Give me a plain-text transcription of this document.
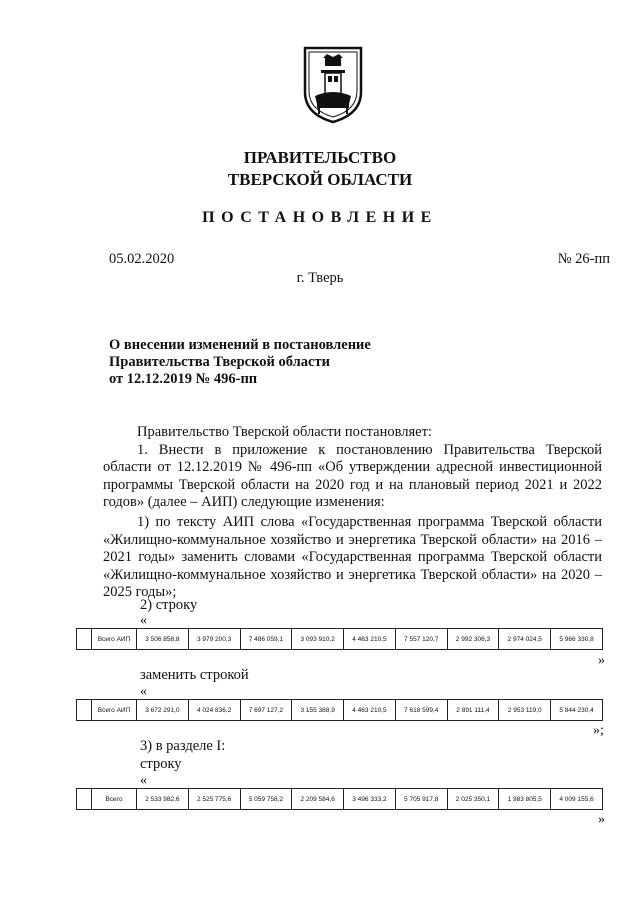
ПРАВИТЕЛЬСТВО
ТВЕРСКОЙ ОБЛАСТИ
ПОСТАНОВЛЕНИЕ
05.02.2020	№ 26-пп
г. Тверь
О внесении изменений в постановление
Правительства Тверской области
от 12.12.2019 № 496-пп

Правительство Тверской области постановляет:

1. Внести в приложение к постановлению Правительства Тверской области от 12.12.2019 № 496-пп «Об утверждении адресной инвестиционной программы Тверской области на 2020 год и на плановый период 2021 и 2022 годов» (далее – АИП) следующие изменения:

1) по тексту АИП слова «Государственная программа Тверской области «Жилищно-коммунальное хозяйство и энергетика Тверской области» на 2016 – 2021 годы» заменить словами «Государственная программа Тверской области «Жилищно-коммунальное хозяйство и энергетика Тверской области» на 2020 – 2025 годы»;

2) строку
«
	Всего АИП	3 506 858,8	3 979 200,3	7 486 059,1	3 093 910,2	4 463 210,5	7 557 120,7	2 992 306,3	2 974 024,5	5 966 330,8
»
заменить строкой
«
	Всего АИП	3 672 291,0	4 024 836,2	7 697 127,2	3 155 388,9	4 463 210,5	7 618 599,4	2 891 111,4	2 953 119,0	5 844 230,4
»;
3) в разделе I:
строку
«
	Всего	2 533 982,6	2 525 775,6	5 059 758,2	2 209 584,6	3 496 333,2	5 705 917,8	2 025 350,1	1 983 805,5	4 009 155,6
»
